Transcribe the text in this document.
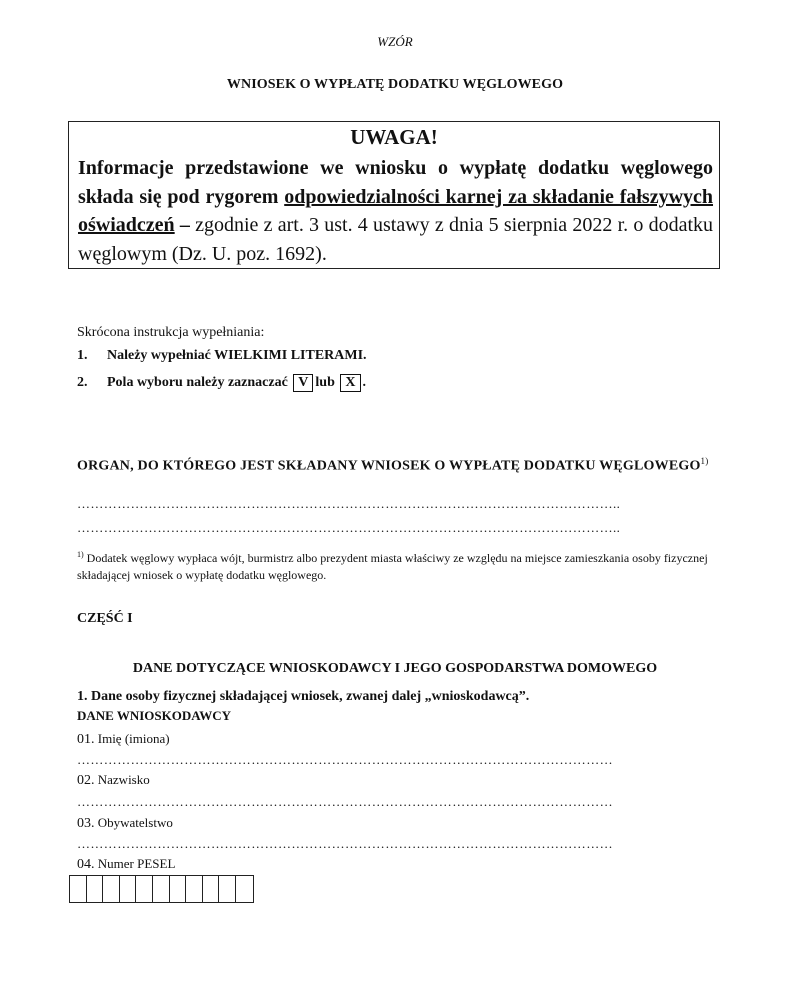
WZÓR
WNIOSEK O WYPŁATĘ DODATKU WĘGLOWEGO
UWAGA!
Informacje przedstawione we wniosku o wypłatę dodatku węglowego składa się pod rygorem odpowiedzialności karnej za składanie fałszywych oświadczeń – zgodnie z art. 3 ust. 4 ustawy z dnia 5 sierpnia 2022 r. o dodatku węglowym (Dz. U. poz. 1692).
Skrócona instrukcja wypełniania:
1. Należy wypełniać WIELKIMI LITERAMI.
2. Pola wyboru należy zaznaczać V lub X .
ORGAN, DO KTÓREGO JEST SKŁADANY WNIOSEK O WYPŁATĘ DODATKU WĘGLOWEGO$^{1)}$
…………………………………………………………………………………………………………..
…………………………………………………………………………………………………………..
$^{1)}$ Dodatek węglowy wypłaca wójt, burmistrz albo prezydent miasta właściwy ze względu na miejsce zamieszkania osoby fizycznej składającej wniosek o wypłatę dodatku węglowego.
CZĘŚĆ I
DANE DOTYCZĄCE WNIOSKODAWCY I JEGO GOSPODARSTWA DOMOWEGO
1. Dane osoby fizycznej składającej wniosek, zwanej dalej „wnioskodawcą”.
DANE WNIOSKODAWCY
01. Imię (imiona)
…………………………………………………………………………………………………………
02. Nazwisko
…………………………………………………………………………………………………………
03. Obywatelstwo
…………………………………………………………………………………………………………
04. Numer PESEL
